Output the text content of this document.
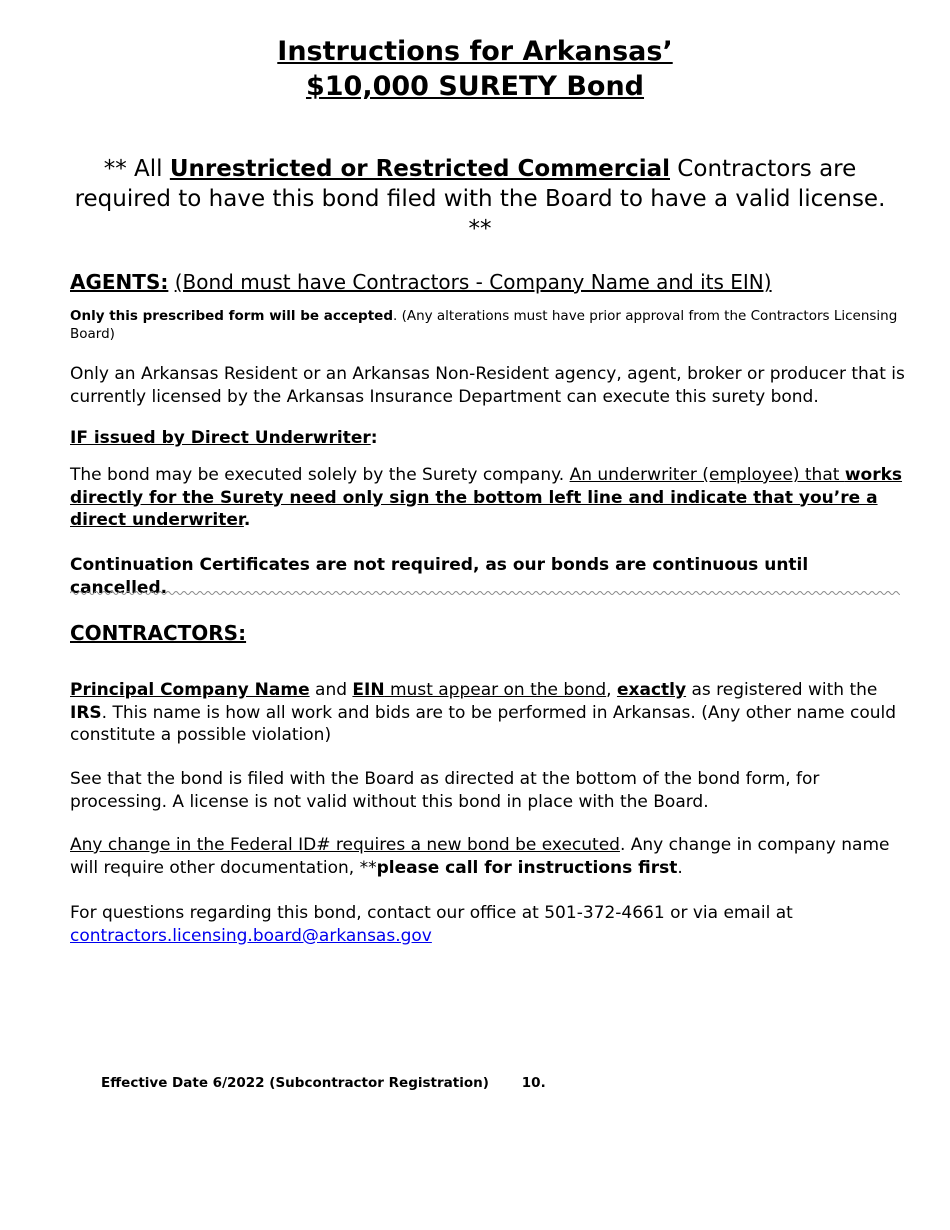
Instructions for Arkansas’
$10,000 SURETY Bond
** All Unrestricted or Restricted Commercial Contractors are required to have this bond filed with the Board to have a valid license. **
AGENTS: (Bond must have Contractors - Company Name and its EIN)
Only this prescribed form will be accepted. (Any alterations must have prior approval from the Contractors Licensing Board)
Only an Arkansas Resident or an Arkansas Non-Resident agency, agent, broker or producer that is currently licensed by the Arkansas Insurance Department can execute this surety bond.
IF issued by Direct Underwriter:
The bond may be executed solely by the Surety company. An underwriter (employee) that works directly for the Surety need only sign the bottom left line and indicate that you’re a direct underwriter.
Continuation Certificates are not required, as our bonds are continuous until cancelled.
CONTRACTORS:
Principal Company Name and EIN must appear on the bond, exactly as registered with the IRS. This name is how all work and bids are to be performed in Arkansas. (Any other name could constitute a possible violation)
See that the bond is filed with the Board as directed at the bottom of the bond form, for processing. A license is not valid without this bond in place with the Board.
Any change in the Federal ID# requires a new bond be executed. Any change in company name will require other documentation, **please call for instructions first.
For questions regarding this bond, contact our office at 501-372-4661 or via email at
contractors.licensing.board@arkansas.gov
Effective Date 6/2022 (Subcontractor Registration) 10.
